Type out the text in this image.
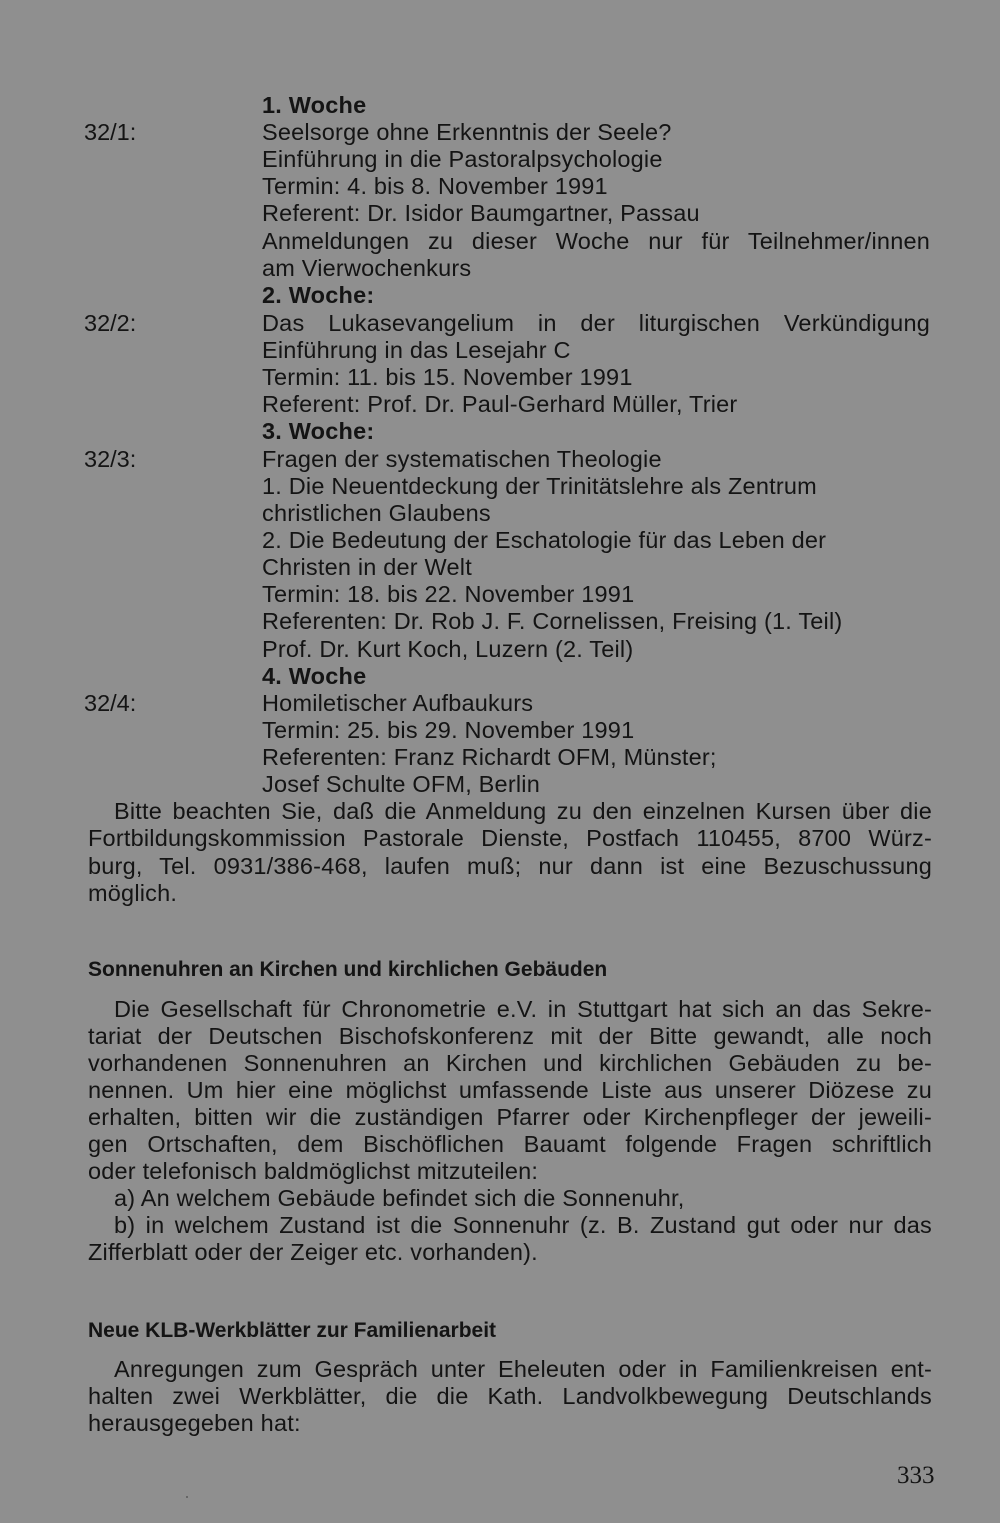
1. Woche
32/1:	Seelsorge ohne Erkenntnis der Seele?
Einführung in die Pastoralpsychologie
Termin: 4. bis 8. November 1991
Referent: Dr. Isidor Baumgartner, Passau
Anmeldungen zu dieser Woche nur für Teilnehmer/innen
am Vierwochenkurs
2. Woche:
32/2:	Das Lukasevangelium in der liturgischen Verkündigung
Einführung in das Lesejahr C
Termin: 11. bis 15. November 1991
Referent: Prof. Dr. Paul-Gerhard Müller, Trier
3. Woche:
32/3:	Fragen der systematischen Theologie
1. Die Neuentdeckung der Trinitätslehre als Zentrum
christlichen Glaubens
2. Die Bedeutung der Eschatologie für das Leben der
Christen in der Welt
Termin: 18. bis 22. November 1991
Referenten: Dr. Rob J. F. Cornelissen, Freising (1. Teil)
Prof. Dr. Kurt Koch, Luzern (2. Teil)
4. Woche
32/4:	Homiletischer Aufbaukurs
Termin: 25. bis 29. November 1991
Referenten: Franz Richardt OFM, Münster;
Josef Schulte OFM, Berlin
Bitte beachten Sie, daß die Anmeldung zu den einzelnen Kursen über die
Fortbildungskommission Pastorale Dienste, Postfach 110455, 8700 Würz-
burg, Tel. 0931/386-468, laufen muß; nur dann ist eine Bezuschussung
möglich.
Sonnenuhren an Kirchen und kirchlichen Gebäuden
Die Gesellschaft für Chronometrie e.V. in Stuttgart hat sich an das Sekre-
tariat der Deutschen Bischofskonferenz mit der Bitte gewandt, alle noch
vorhandenen Sonnenuhren an Kirchen und kirchlichen Gebäuden zu be-
nennen. Um hier eine möglichst umfassende Liste aus unserer Diözese zu
erhalten, bitten wir die zuständigen Pfarrer oder Kirchenpfleger der jeweili-
gen Ortschaften, dem Bischöflichen Bauamt folgende Fragen schriftlich
oder telefonisch baldmöglichst mitzuteilen:
a) An welchem Gebäude befindet sich die Sonnenuhr,
b) in welchem Zustand ist die Sonnenuhr (z. B. Zustand gut oder nur das
Zifferblatt oder der Zeiger etc. vorhanden).
Neue KLB-Werkblätter zur Familienarbeit
Anregungen zum Gespräch unter Eheleuten oder in Familienkreisen ent-
halten zwei Werkblätter, die die Kath. Landvolkbewegung Deutschlands
herausgegeben hat:
333
